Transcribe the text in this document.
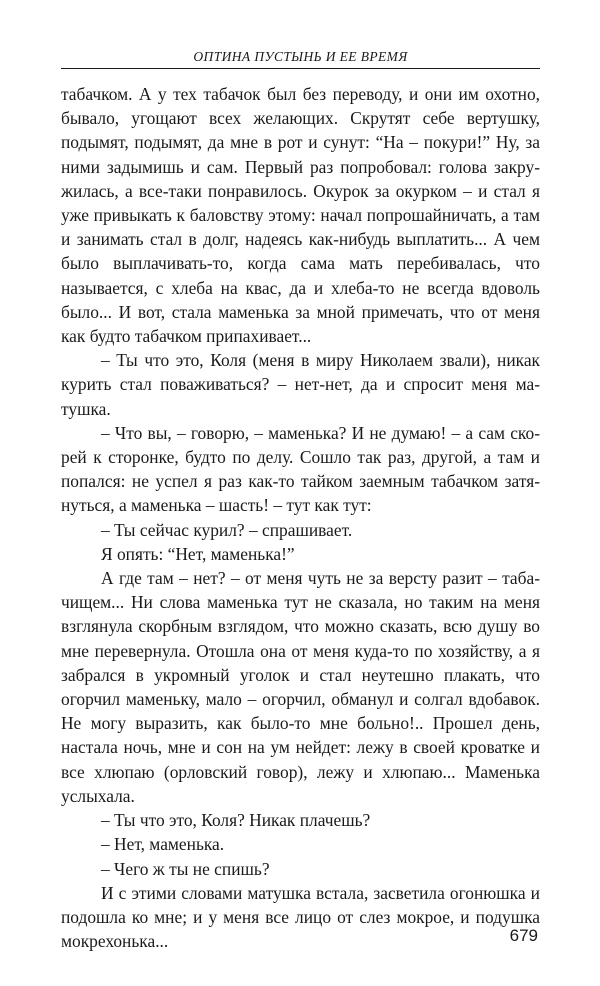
ОПТИНА ПУСТЫНЬ И ЕЕ ВРЕМЯ

табачком. А у тех табачок был без переводу, и они им охотно, бывало, угощают всех желающих. Скрутят себе вертушку, подымят, подымят, да мне в рот и сунут: “На – покури!” Ну, за ними задымишь и сам. Первый раз попробовал: голова закружилась, а все-таки понравилось. Окурок за окурком – и стал я уже привыкать к баловству этому: начал попрошайничать, а там и занимать стал в долг, надеясь как-нибудь выплатить... А чем было выплачивать-то, когда сама мать перебивалась, что называется, с хлеба на квас, да и хлеба-то не всегда вдоволь было... И вот, стала маменька за мной примечать, что от меня как будто табачком припахивает...

– Ты что это, Коля (меня в миру Николаем звали), никак курить стал поваживаться? – нет-нет, да и спросит меня матушка.

– Что вы, – говорю, – маменька? И не думаю! – а сам скорей к сторонке, будто по делу. Сошло так раз, другой, а там и попался: не успел я раз как-то тайком заемным табачком затянуться, а маменька – шасть! – тут как тут:

– Ты сейчас курил? – спрашивает.

Я опять: “Нет, маменька!”

А где там – нет? – от меня чуть не за версту разит – табачищем... Ни слова маменька тут не сказала, но таким на меня взглянула скорбным взглядом, что можно сказать, всю душу во мне перевернула. Отошла она от меня куда-то по хозяйству, а я забрался в укромный уголок и стал неутешно плакать, что огорчил маменьку, мало – огорчил, обманул и солгал вдобавок. Не могу выразить, как было-то мне больно!.. Прошел день, настала ночь, мне и сон на ум нейдет: лежу в своей кроватке и все хлюпаю (орловский говор), лежу и хлюпаю... Маменька услыхала.

– Ты что это, Коля? Никак плачешь?

– Нет, маменька.

– Чего ж ты не спишь?

И с этими словами матушка встала, засветила огонюшка и подошла ко мне; и у меня все лицо от слез мокрое, и подушка мокрехонька...	679
